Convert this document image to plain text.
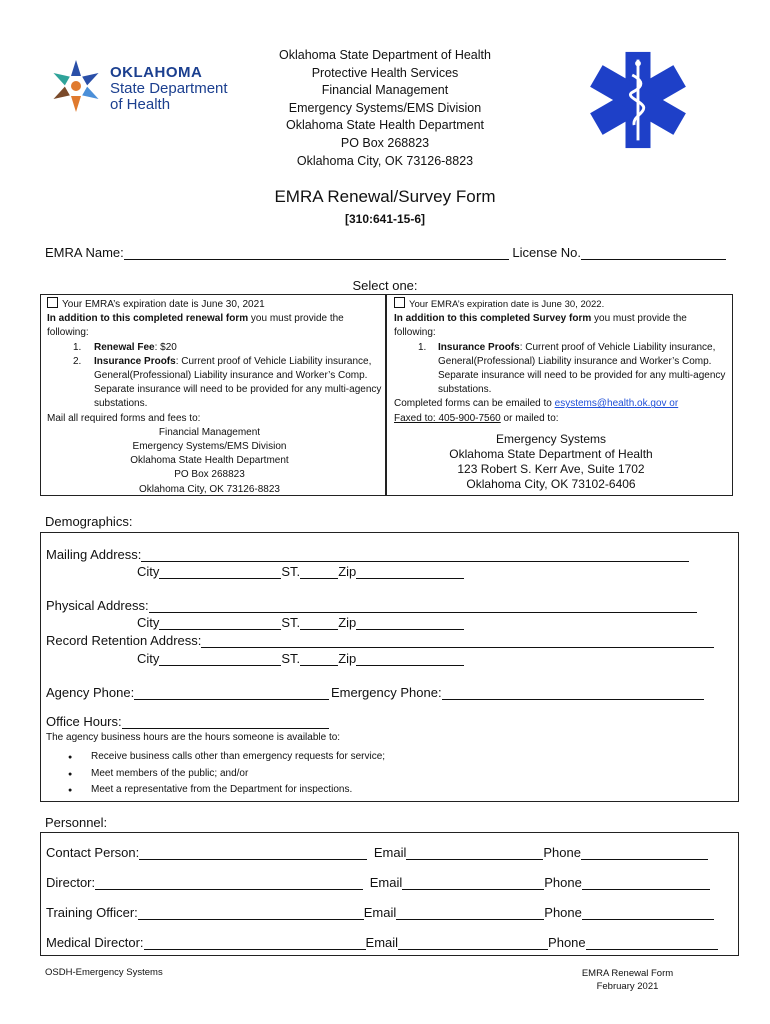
OKLAHOMA
State Department
of Health
Oklahoma State Department of Health
Protective Health Services
Financial Management
Emergency Systems/EMS Division
Oklahoma State Health Department
PO Box 268823
Oklahoma City, OK 73126-8823
EMRA Renewal/Survey Form
[310:641-15-6]
EMRA Name:	License No.
Select one:
Your EMRA’s expiration date is June 30, 2021
In addition to this completed renewal form you must provide the following:
1. Renewal Fee: $20
2. Insurance Proofs: Current proof of Vehicle Liability insurance, General(Professional) Liability insurance and Worker’s Comp. Separate insurance will need to be provided for any multi-agency substations.
Mail all required forms and fees to:
Financial Management
Emergency Systems/EMS Division
Oklahoma State Health Department
PO Box 268823
Oklahoma City, OK 73126-8823
Your EMRA’s expiration date is June 30, 2022.
In addition to this completed Survey form you must provide the following:
1. Insurance Proofs: Current proof of Vehicle Liability insurance, General(Professional) Liability insurance and Worker’s Comp. Separate insurance will need to be provided for any multi-agency substations.
Completed forms can be emailed to esystems@health.ok.gov or
Faxed to: 405-900-7560 or mailed to:
Emergency Systems
Oklahoma State Department of Health
123 Robert S. Kerr Ave, Suite 1702
Oklahoma City, OK 73102-6406
Demographics:
Mailing Address:
City	ST.	Zip
Physical Address:
City	ST.	Zip
Record Retention Address:
City	ST.	Zip
Agency Phone:	Emergency Phone:
Office Hours:
The agency business hours are the hours someone is available to:
● Receive business calls other than emergency requests for service;
● Meet members of the public; and/or
● Meet a representative from the Department for inspections.
Personnel:
Contact Person:	Email	Phone
Director:	Email	Phone
Training Officer:	Email	Phone
Medical Director:	Email	Phone
OSDH-Emergency Systems	EMRA Renewal Form
February 2021
